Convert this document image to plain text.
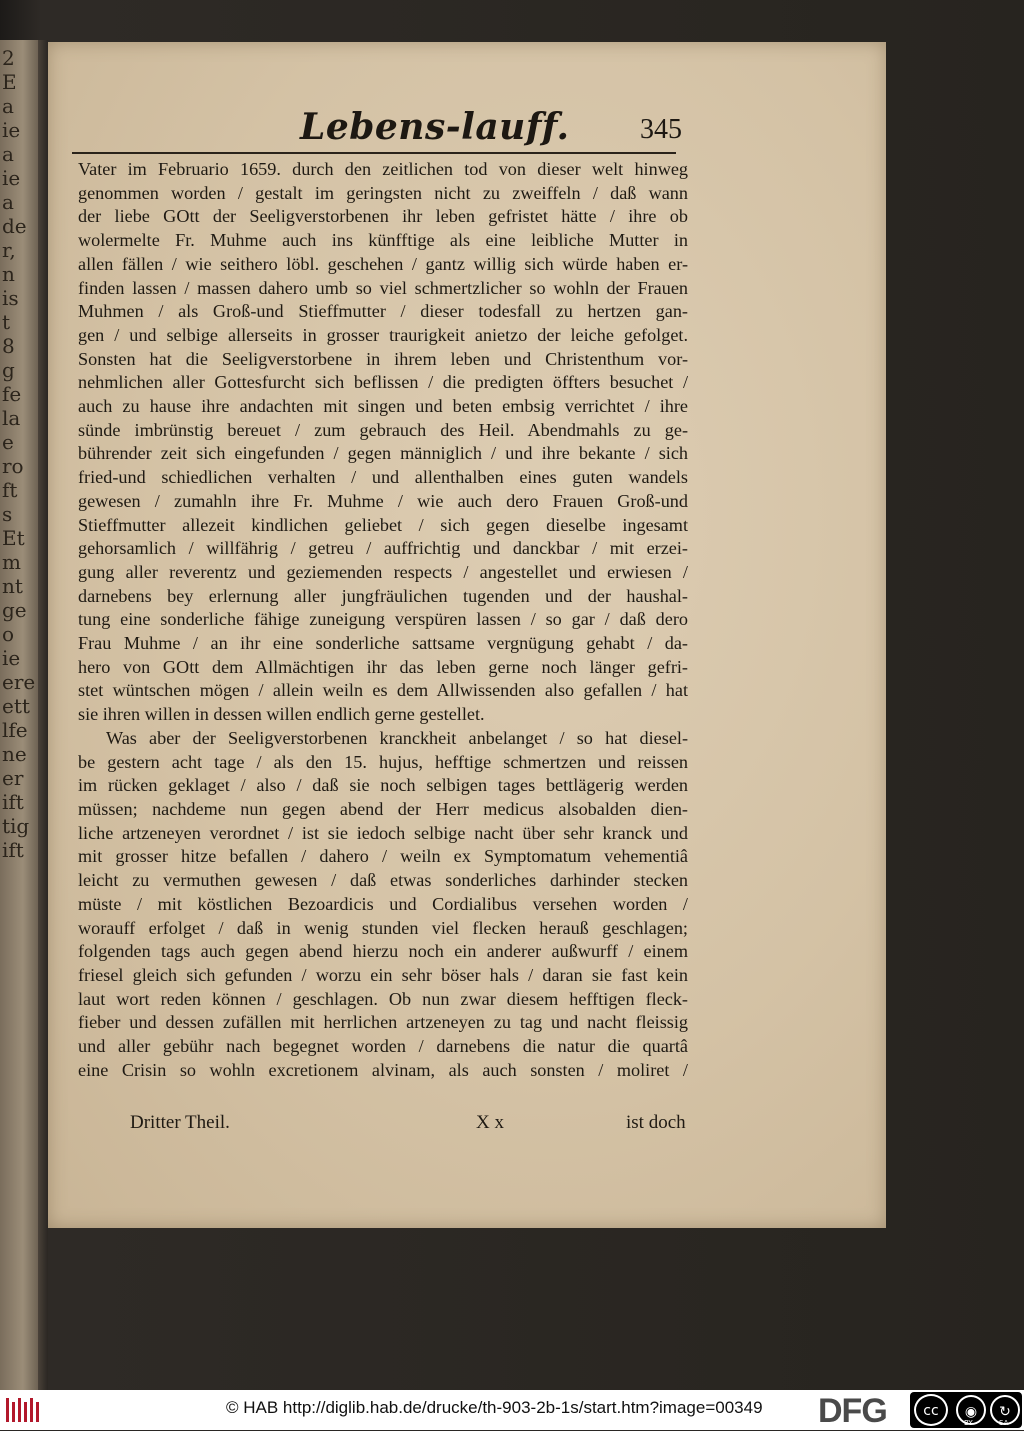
2
E
a
ie
a
ie
a
de
r,
n
is
t
8
g
fe
la
e
ro
ft
s
Et
m
nt
ge
o
ie
ere
ett
lfe
ne
er
ift
tig
ift
Lebens-lauff.	345
Vater im Februario 1659. durch den zeitlichen tod von dieser welt hinweg
genommen worden / gestalt im geringsten nicht zu zweiffeln / daß wann
der liebe GOtt der Seeligverstorbenen ihr leben gefristet hätte / ihre ob
wolermelte Fr. Muhme auch ins künfftige als eine leibliche Mutter in
allen fällen / wie seithero löbl. geschehen / gantz willig sich würde haben er-
finden lassen / massen dahero umb so viel schmertzlicher so wohln der Frauen
Muhmen / als Groß-und Stieffmutter / dieser todesfall zu hertzen gan-
gen / und selbige allerseits in grosser traurigkeit anietzo der leiche gefolget.
Sonsten hat die Seeligverstorbene in ihrem leben und Christenthum vor-
nehmlichen aller Gottesfurcht sich beflissen / die predigten öffters besuchet /
auch zu hause ihre andachten mit singen und beten embsig verrichtet / ihre
sünde imbrünstig bereuet / zum gebrauch des Heil. Abendmahls zu ge-
bührender zeit sich eingefunden / gegen männiglich / und ihre bekante / sich
fried-und schiedlichen verhalten / und allenthalben eines guten wandels
gewesen / zumahln ihre Fr. Muhme / wie auch dero Frauen Groß-und
Stieffmutter allezeit kindlichen geliebet / sich gegen dieselbe ingesamt
gehorsamlich / willfährig / getreu / auffrichtig und danckbar / mit erzei-
gung aller reverentz und geziemenden respects / angestellet und erwiesen /
darnebens bey erlernung aller jungfräulichen tugenden und der haushal-
tung eine sonderliche fähige zuneigung verspüren lassen / so gar / daß dero
Frau Muhme / an ihr eine sonderliche sattsame vergnügung gehabt / da-
hero von GOtt dem Allmächtigen ihr das leben gerne noch länger gefri-
stet wüntschen mögen / allein weiln es dem Allwissenden also gefallen / hat
sie ihren willen in dessen willen endlich gerne gestellet.
Was aber der Seeligverstorbenen kranckheit anbelanget / so hat diesel-
be gestern acht tage / als den 15. hujus, hefftige schmertzen und reissen
im rücken geklaget / also / daß sie noch selbigen tages bettlägerig werden
müssen; nachdeme nun gegen abend der Herr medicus alsobalden dien-
liche artzeneyen verordnet / ist sie iedoch selbige nacht über sehr kranck und
mit grosser hitze befallen / dahero / weiln ex Symptomatum vehementiâ
leicht zu vermuthen gewesen / daß etwas sonderliches darhinder stecken
müste / mit köstlichen Bezoardicis und Cordialibus versehen worden /
worauff erfolget / daß in wenig stunden viel flecken herauß geschlagen;
folgenden tags auch gegen abend hierzu noch ein anderer außwurff / einem
friesel gleich sich gefunden / worzu ein sehr böser hals / daran sie fast kein
laut wort reden können / geschlagen. Ob nun zwar diesem hefftigen fleck-
fieber und dessen zufällen mit herrlichen artzeneyen zu tag und nacht fleissig
und aller gebühr nach begegnet worden / darnebens die natur die quartâ
eine Crisin so wohln excretionem alvinam, als auch sonsten / moliret /
Dritter Theil.	X x	ist doch
© HAB http://diglib.hab.de/drucke/th-903-2b-1s/start.htm?image=00349 DFG	cc	◉	↻
BY	SA
